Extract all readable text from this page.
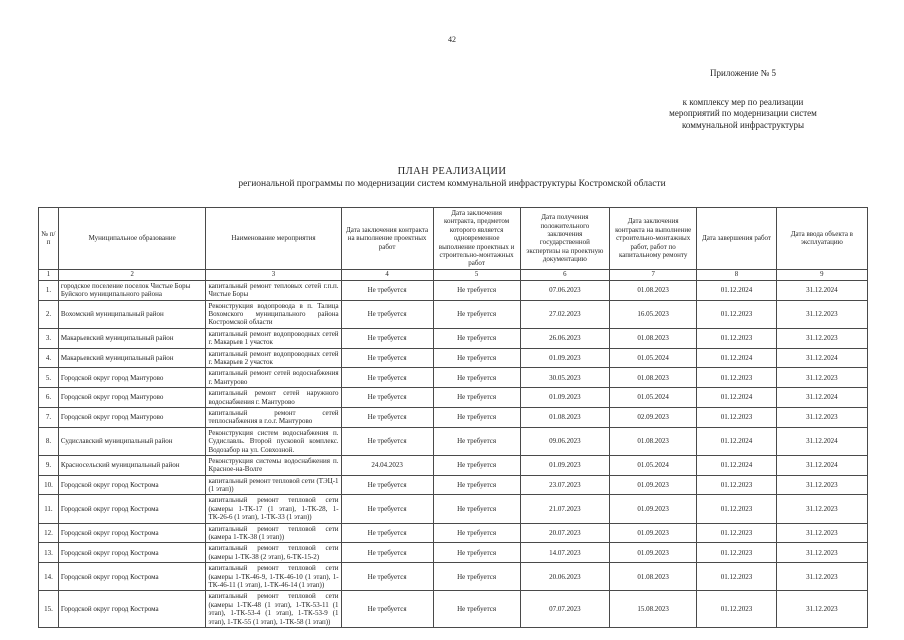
42
Приложение № 5
к комплексу мер по реализации
мероприятий по модернизации систем
коммунальной инфраструктуры
ПЛАН РЕАЛИЗАЦИИ
региональной программы по модернизации систем коммунальной инфраструктуры Костромской области
№ п/п	Муниципальное образование	Наименование мероприятия	Дата заключения контракта на выполнение проектных работ	Дата заключения контракта, предметом которого является одновременное выполнение проектных и строительно-монтажных работ	Дата получения положительного заключения государственной экспертизы на проектную документацию	Дата заключения контракта на выполнение строительно-монтажных работ, работ по капитальному ремонту	Дата завершения работ	Дата ввода объекта в эксплуатацию
1	2	3	4	5	6	7	8	9
1.	городское поселение поселок Чистые Боры Буйского муниципального района	капитальный ремонт тепловых сетей г.п.п. Чистые Боры	Не требуется	Не требуется	07.06.2023	01.08.2023	01.12.2024	31.12.2024
2.	Вохомский муниципальный район	Реконструкция водопровода в п. Талица Вохомского муниципального района Костромской области	Не требуется	Не требуется	27.02.2023	16.05.2023	01.12.2023	31.12.2023
3.	Макарьевский муниципальный район	капитальный ремонт водопроводных сетей г. Макарьев 1 участок	Не требуется	Не требуется	26.06.2023	01.08.2023	01.12.2023	31.12.2023
4.	Макарьевский муниципальный район	капитальный ремонт водопроводных сетей г. Макарьев 2 участок	Не требуется	Не требуется	01.09.2023	01.05.2024	01.12.2024	31.12.2024
5.	Городской округ город Мантурово	капитальный ремонт сетей водоснабжения г. Мантурово	Не требуется	Не требуется	30.05.2023	01.08.2023	01.12.2023	31.12.2023
6.	Городской округ город Мантурово	капитальный ремонт сетей наружного водоснабжения г. Мантурово	Не требуется	Не требуется	01.09.2023	01.05.2024	01.12.2024	31.12.2024
7.	Городской округ город Мантурово	капитальный ремонт сетей теплоснабжения в г.о.г. Мантурово	Не требуется	Не требуется	01.08.2023	02.09.2023	01.12.2023	31.12.2023
8.	Судиславский муниципальный район	Реконструкция систем водоснабжения п. Судиславль. Второй пусковой комплекс. Водозабор на ул. Совхозной.	Не требуется	Не требуется	09.06.2023	01.08.2023	01.12.2024	31.12.2024
9.	Красносельский муниципальный район	Реконструкция системы водоснабжения п. Красное-на-Волге	24.04.2023	Не требуется	01.09.2023	01.05.2024	01.12.2024	31.12.2024
10.	Городской округ город Кострома	капитальный ремонт тепловой сети (ТЭЦ-1 (1 этап))	Не требуется	Не требуется	23.07.2023	01.09.2023	01.12.2023	31.12.2023
11.	Городской округ город Кострома	капитальный ремонт тепловой сети (камеры 1-ТК-17 (1 этап), 1-ТК-28, 1-ТК-26-6 (1 этап), 1-ТК-33 (1 этап))	Не требуется	Не требуется	21.07.2023	01.09.2023	01.12.2023	31.12.2023
12.	Городской округ город Кострома	капитальный ремонт тепловой сети (камера 1-ТК-38 (1 этап))	Не требуется	Не требуется	20.07.2023	01.09.2023	01.12.2023	31.12.2023
13.	Городской округ город Кострома	капитальный ремонт тепловой сети (камеры 1-ТК-38 (2 этап), 6-ТК-15-2)	Не требуется	Не требуется	14.07.2023	01.09.2023	01.12.2023	31.12.2023
14.	Городской округ город Кострома	капитальный ремонт тепловой сети (камеры 1-ТК-46-9, 1-ТК-46-10 (1 этап), 1-ТК-46-11 (1 этап), 1-ТК-46-14 (1 этап))	Не требуется	Не требуется	20.06.2023	01.08.2023	01.12.2023	31.12.2023
15.	Городской округ город Кострома	капитальный ремонт тепловой сети (камеры 1-ТК-48 (1 этап), 1-ТК-53-11 (1 этап), 1-ТК-53-4 (1 этап), 1-ТК-53-9 (1 этап), 1-ТК-55 (1 этап), 1-ТК-58 (1 этап))	Не требуется	Не требуется	07.07.2023	15.08.2023	01.12.2023	31.12.2023
